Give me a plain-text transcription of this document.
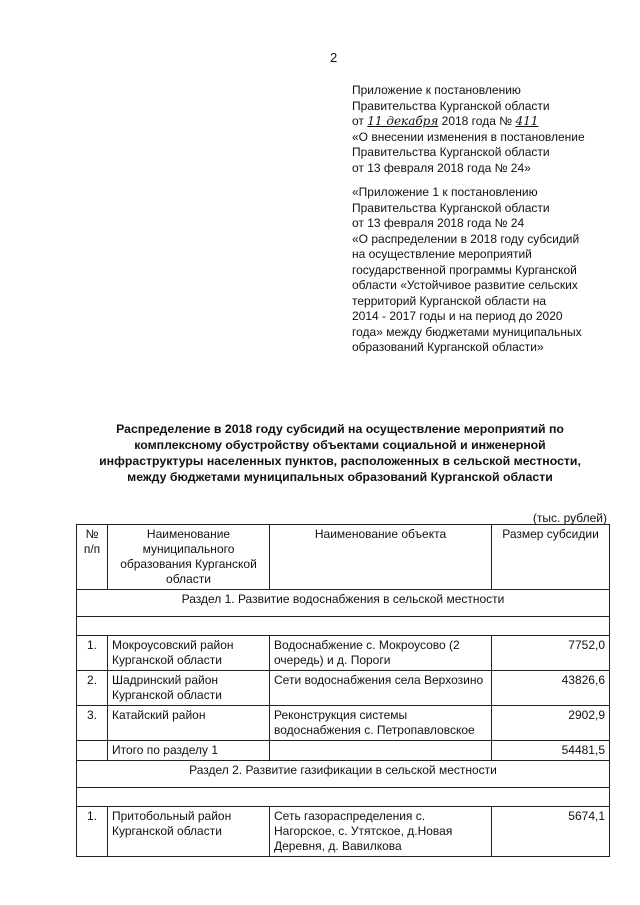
2
Приложение к постановлению
Правительства Курганской области
от 11 декабря 2018 года № 411
«О внесении изменения в постановление
Правительства Курганской области
от 13 февраля 2018 года № 24»
«Приложение 1 к постановлению
Правительства Курганской области
от 13 февраля 2018 года № 24
«О распределении в 2018 году субсидий
на осуществление мероприятий
государственной программы Курганской
области «Устойчивое развитие сельских
территорий Курганской области на
2014 - 2017 годы и на период до 2020
года» между бюджетами муниципальных
образований Курганской области»
Распределение в 2018 году субсидий на осуществление мероприятий по
комплексному обустройству объектами социальной и инженерной
инфраструктуры населенных пунктов, расположенных в сельской местности,
между бюджетами муниципальных образований Курганской области
(тыс. рублей)
№ п/п	Наименование муниципального образования Курганской области	Наименование объекта	Размер субсидии
Раздел 1. Развитие водоснабжения в сельской местности			

1.	Мокроусовский район Курганской области	Водоснабжение с. Мокроусово (2 очередь) и д. Пороги	7752,0
2.	Шадринский район Курганской области	Сети водоснабжения села Верхозино	43826,6
3.	Катайский район	Реконструкция системы водоснабжения с. Петропавловское	2902,9
	Итого по разделу 1		54481,5
Раздел 2. Развитие газификации в сельской местности			

1.	Притобольный район Курганской области	Сеть газораспределения с. Нагорское, с. Утятское, д.Новая Деревня, д. Вавилкова	5674,1
